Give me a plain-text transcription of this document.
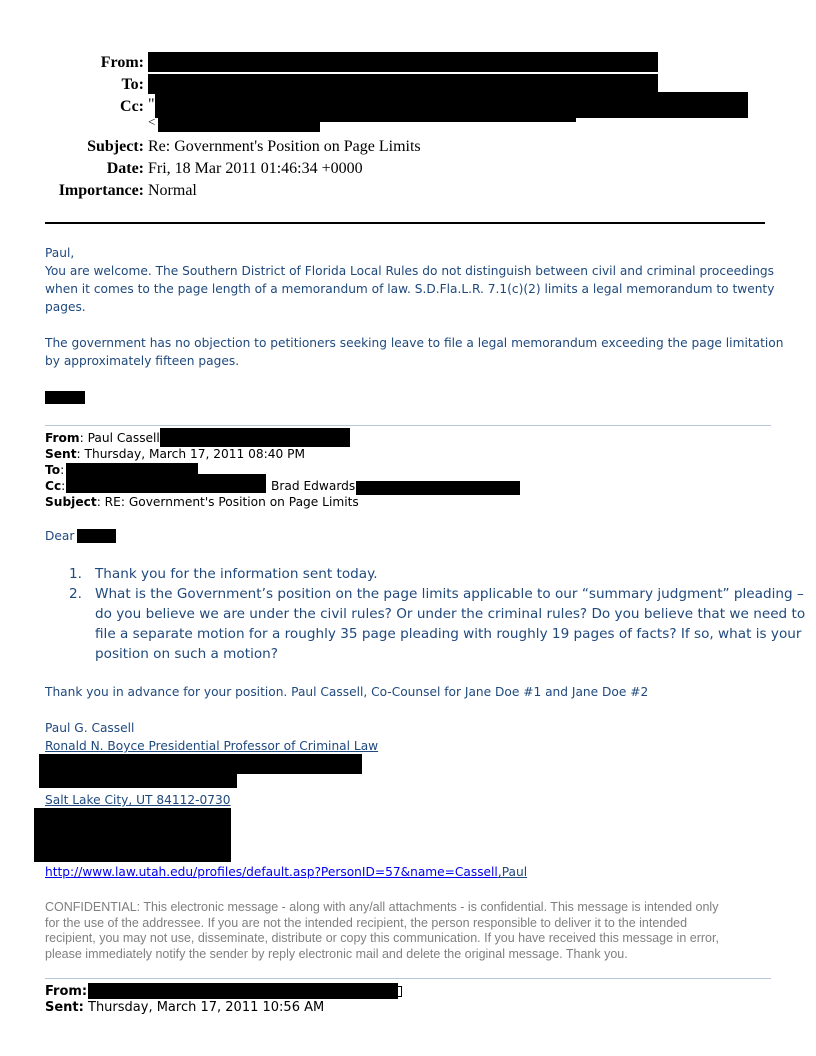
From:
To:
Cc: "
<
Subject: Re: Government's Position on Page Limits
Date: Fri, 18 Mar 2011 01:46:34 +0000
Importance: Normal
Paul,
You are welcome. The Southern District of Florida Local Rules do not distinguish between civil and criminal proceedings
when it comes to the page length of a memorandum of law. S.D.Fla.L.R. 7.1(c)(2) limits a legal memorandum to twenty
pages.
The government has no objection to petitioners seeking leave to file a legal memorandum exceeding the page limitation
by approximately fifteen pages.
From: Paul Cassell
Sent: Thursday, March 17, 2011 08:40 PM
To:
Cc:	Brad Edwards
Subject: RE: Government's Position on Page Limits
Dear
1. Thank you for the information sent today.
2. What is the Government’s position on the page limits applicable to our “summary judgment” pleading –
do you believe we are under the civil rules? Or under the criminal rules? Do you believe that we need to
file a separate motion for a roughly 35 page pleading with roughly 19 pages of facts? If so, what is your
position on such a motion?
Thank you in advance for your position. Paul Cassell, Co-Counsel for Jane Doe #1 and Jane Doe #2
Paul G. Cassell
Ronald N. Boyce Presidential Professor of Criminal Law
Salt Lake City, UT 84112-0730
http://www.law.utah.edu/profiles/default.asp?PersonID=57&name=Cassell,Paul
CONFIDENTIAL: This electronic message - along with any/all attachments - is confidential. This message is intended only
for the use of the addressee. If you are not the intended recipient, the person responsible to deliver it to the intended
recipient, you may not use, disseminate, distribute or copy this communication. If you have received this message in error,
please immediately notify the sender by reply electronic mail and delete the original message. Thank you.
From:
Sent: Thursday, March 17, 2011 10:56 AM
